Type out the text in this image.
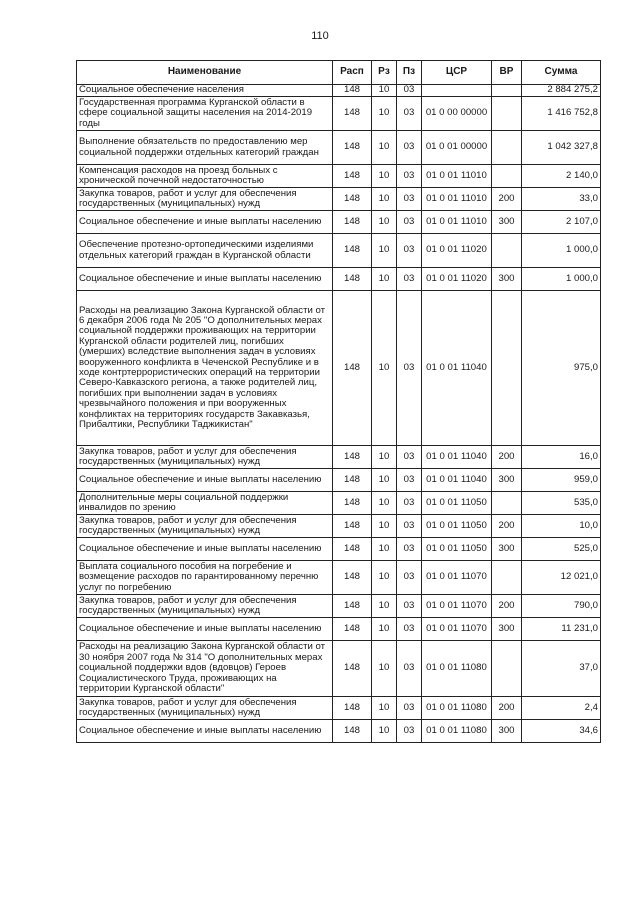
110
Наименование	Расп	Рз	Пз	ЦСР	ВР	Сумма
Социальное обеспечение населения	148	10	03			2 884 275,2
Государственная программа Курганской области в сфере социальной защиты населения на 2014-2019 годы	148	10	03	01 0 00 00000		1 416 752,8
Выполнение обязательств по предоставлению мер социальной поддержки отдельных категорий граждан	148	10	03	01 0 01 00000		1 042 327,8
Компенсация расходов на проезд больных с хронической почечной недостаточностью	148	10	03	01 0 01 11010		2 140,0
Закупка товаров, работ и услуг для обеспечения государственных (муниципальных) нужд	148	10	03	01 0 01 11010	200	33,0
Социальное обеспечение и иные выплаты населению	148	10	03	01 0 01 11010	300	2 107,0
Обеспечение протезно-ортопедическими изделиями отдельных категорий граждан в Курганской области	148	10	03	01 0 01 11020		1 000,0
Социальное обеспечение и иные выплаты населению	148	10	03	01 0 01 11020	300	1 000,0
Расходы на реализацию Закона Курганской области от 6 декабря 2006 года № 205 "О дополнительных мерах социальной поддержки проживающих на территории Курганской области родителей лиц, погибших (умерших) вследствие выполнения задач в условиях вооруженного конфликта в Чеченской Республике и в ходе контртеррористических операций на территории Северо-Кавказского региона, а также родителей лиц, погибших при выполнении задач в условиях чрезвычайного положения и при вооруженных конфликтах на территориях государств Закавказья, Прибалтики, Республики Таджикистан"	148	10	03	01 0 01 11040		975,0
Закупка товаров, работ и услуг для обеспечения государственных (муниципальных) нужд	148	10	03	01 0 01 11040	200	16,0
Социальное обеспечение и иные выплаты населению	148	10	03	01 0 01 11040	300	959,0
Дополнительные меры социальной поддержки инвалидов по зрению	148	10	03	01 0 01 11050		535,0
Закупка товаров, работ и услуг для обеспечения государственных (муниципальных) нужд	148	10	03	01 0 01 11050	200	10,0
Социальное обеспечение и иные выплаты населению	148	10	03	01 0 01 11050	300	525,0
Выплата социального пособия на погребение и возмещение расходов по гарантированному перечню услуг по погребению	148	10	03	01 0 01 11070		12 021,0
Закупка товаров, работ и услуг для обеспечения государственных (муниципальных) нужд	148	10	03	01 0 01 11070	200	790,0
Социальное обеспечение и иные выплаты населению	148	10	03	01 0 01 11070	300	11 231,0
Расходы на реализацию Закона Курганской области от 30 ноября 2007 года № 314 "О дополнительных мерах социальной поддержки вдов (вдовцов) Героев Социалистического Труда, проживающих на территории Курганской области"	148	10	03	01 0 01 11080		37,0
Закупка товаров, работ и услуг для обеспечения государственных (муниципальных) нужд	148	10	03	01 0 01 11080	200	2,4
Социальное обеспечение и иные выплаты населению	148	10	03	01 0 01 11080	300	34,6
